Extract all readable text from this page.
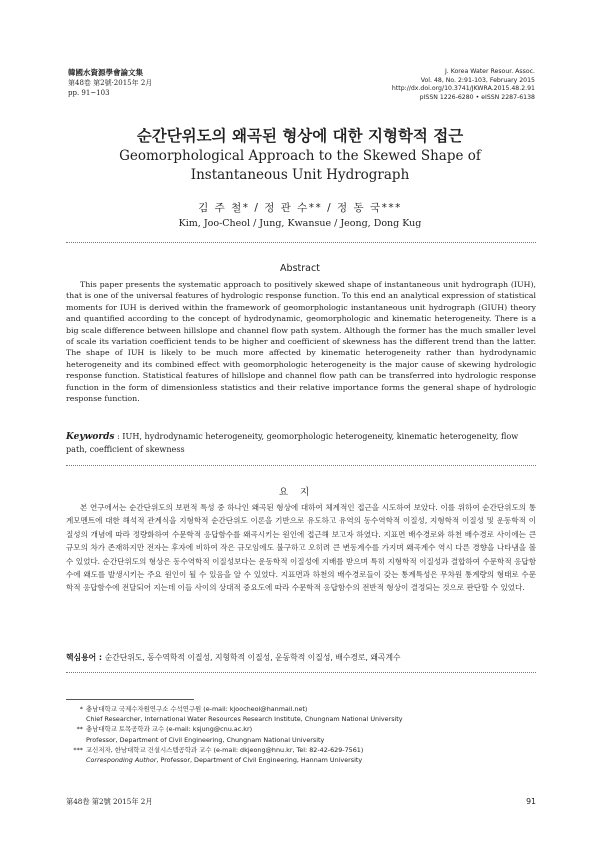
韓國水資源學會論文集
第48卷 第2號·2015年 2月
pp. 91~103
J. Korea Water Resour. Assoc.
Vol. 48, No. 2:91-103, February 2015
http://dx.doi.org/10.3741/JKWRA.2015.48.2.91
pISSN 1226-6280 • eISSN 2287-6138
순간단위도의 왜곡된 형상에 대한 지형학적 접근
Geomorphological Approach to the Skewed Shape of Instantaneous Unit Hydrograph
김 주 철* / 정 관 수** / 정 동 국***
Kim, Joo-Cheol / Jung, Kwansue / Jeong, Dong Kug
Abstract

This paper presents the systematic approach to positively skewed shape of instantaneous unit hydrograph (IUH), that is one of the universal features of hydrologic response function. To this end an analytical expression of statistical moments for IUH is derived within the framework of geomorphologic instantaneous unit hydrograph (GIUH) theory and quantified according to the concept of hydrodynamic, geomorphologic and kinematic heterogeneity. There is a big scale difference between hillslope and channel flow path system. Although the former has the much smaller level of scale its variation coefficient tends to be higher and coefficient of skewness has the different trend than the latter. The shape of IUH is likely to be much more affected by kinematic heterogeneity rather than hydrodynamic heterogeneity and its combined effect with geomorphologic heterogeneity is the major cause of skewing hydrologic response function. Statistical features of hillslope and channel flow path can be transferred into hydrologic response function in the form of dimensionless statistics and their relative importance forms the general shape of hydrologic response function.

Keywords : IUH, hydrodynamic heterogeneity, geomorphologic heterogeneity, kinematic heterogeneity, flow path, coefficient of skewness
요지

본 연구에서는 순간단위도의 보편적 특성 중 하나인 왜곡된 형상에 대하여 체계적인 접근을 시도하여 보았다. 이를 위하여 순간단위도의 통계모멘트에 대한 해석적 관계식을 지형학적 순간단위도 이론을 기반으로 유도하고 유역의 동수역학적 이질성, 지형학적 이질성 및 운동학적 이질성의 개념에 따라 정량화하여 수문학적 응답함수를 왜곡시키는 원인에 접근해 보고자 하였다. 지표면 배수경로와 하천 배수경로 사이에는 큰 규모의 차가 존재하지만 전자는 후자에 비하여 작은 규모임에도 불구하고 오히려 큰 변동계수를 가지며 왜곡계수 역시 다른 경향을 나타냄을 볼 수 있었다. 순간단위도의 형상은 동수역학적 이질성보다는 운동학적 이질성에 지배를 받으며 특히 지형학적 이질성과 결합하여 수문학적 응답함수에 왜도를 발생시키는 주요 원인이 될 수 있음을 알 수 있었다. 지표면과 하천의 배수경로들이 갖는 통계특성은 무차원 통계량의 형태로 수문학적 응답함수에 전달되어 지는데 이들 사이의 상대적 중요도에 따라 수문학적 응답함수의 전반적 형상이 결정되는 것으로 판단할 수 있었다.

핵심용어 : 순간단위도, 동수역학적 이질성, 지형학적 이질성, 운동학적 이질성, 배수경로, 왜곡계수
* 충남대학교 국제수자원연구소 수석연구원 (e-mail: kjoocheol@hanmail.net)
Chief Researcher, International Water Resources Research Institute, Chungnam National University
** 충남대학교 토목공학과 교수 (e-mail: ksjung@cnu.ac.kr)
Professor, Department of Civil Engineering, Chungnam National University
*** 교신저자, 한남대학교 건설시스템공학과 교수 (e-mail: dkjeong@hnu.kr, Tel: 82-42-629-7561)
Corresponding Author, Professor, Department of Civil Engineering, Hannam University
第48卷 第2號 2015年 2月	91
